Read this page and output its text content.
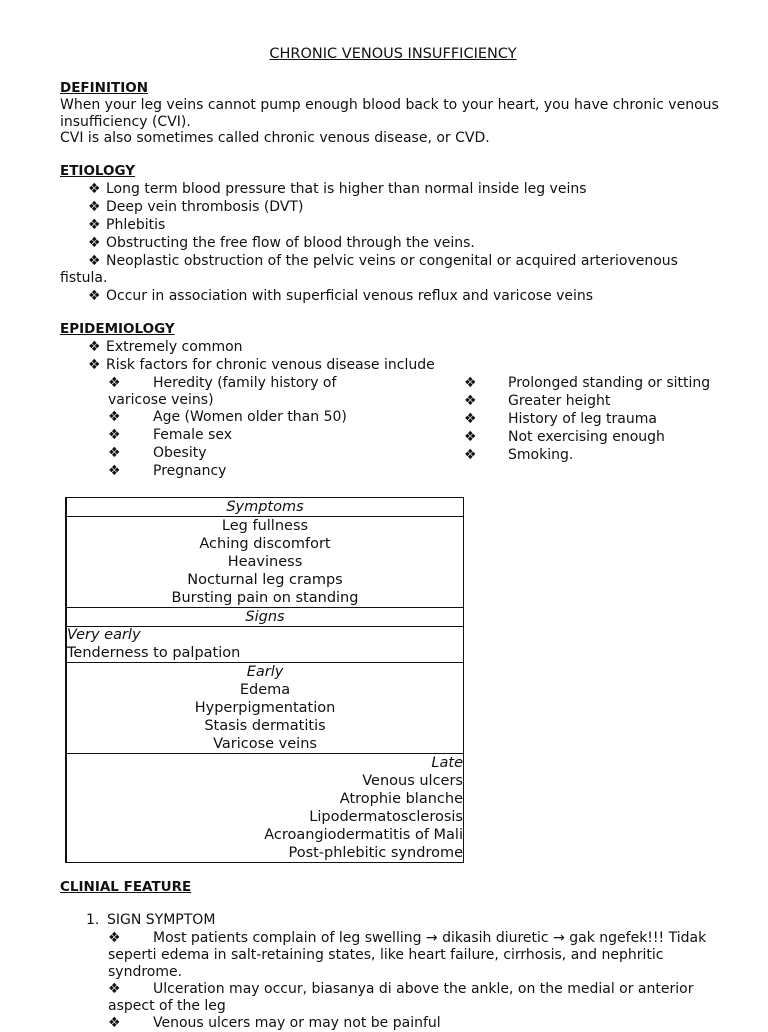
CHRONIC VENOUS INSUFFICIENCY
DEFINITION
When your leg veins cannot pump enough blood back to your heart, you have chronic venous insufficiency (CVI).
CVI is also sometimes called chronic venous disease, or CVD.
ETIOLOGY
❖ Long term blood pressure that is higher than normal inside leg veins
❖ Deep vein thrombosis (DVT)
❖ Phlebitis
❖ Obstructing the free flow of blood through the veins.
❖ Neoplastic obstruction of the pelvic veins or congenital or acquired arteriovenous fistula.
❖ Occur in association with superficial venous reflux and varicose veins
EPIDEMIOLOGY
❖ Extremely common
❖ Risk factors for chronic venous disease include
❖ Heredity (family history of varicose veins)
❖ Age (Women older than 50)
❖ Female sex
❖ Obesity
❖ Pregnancy
❖ Prolonged standing or sitting
❖ Greater height
❖ History of leg trauma
❖ Not exercising enough
❖ Smoking.
Symptoms
Leg fullness
Aching discomfort
Heaviness
Nocturnal leg cramps
Bursting pain on standing
Signs
Very early
Tenderness to palpation
Early
Edema
Hyperpigmentation
Stasis dermatitis
Varicose veins
Late
Venous ulcers
Atrophie blanche
Lipodermatosclerosis
Acroangiodermatitis of Mali
Post-phlebitic syndrome
CLINIAL FEATURE
1. SIGN SYMPTOM
❖ Most patients complain of leg swelling → dikasih diuretic → gak ngefek!!! Tidak seperti edema in salt-retaining states, like heart failure, cirrhosis, and nephritic syndrome.
❖ Ulceration may occur, biasanya di above the ankle, on the medial or anterior aspect of the leg
❖ Venous ulcers may or may not be painful
